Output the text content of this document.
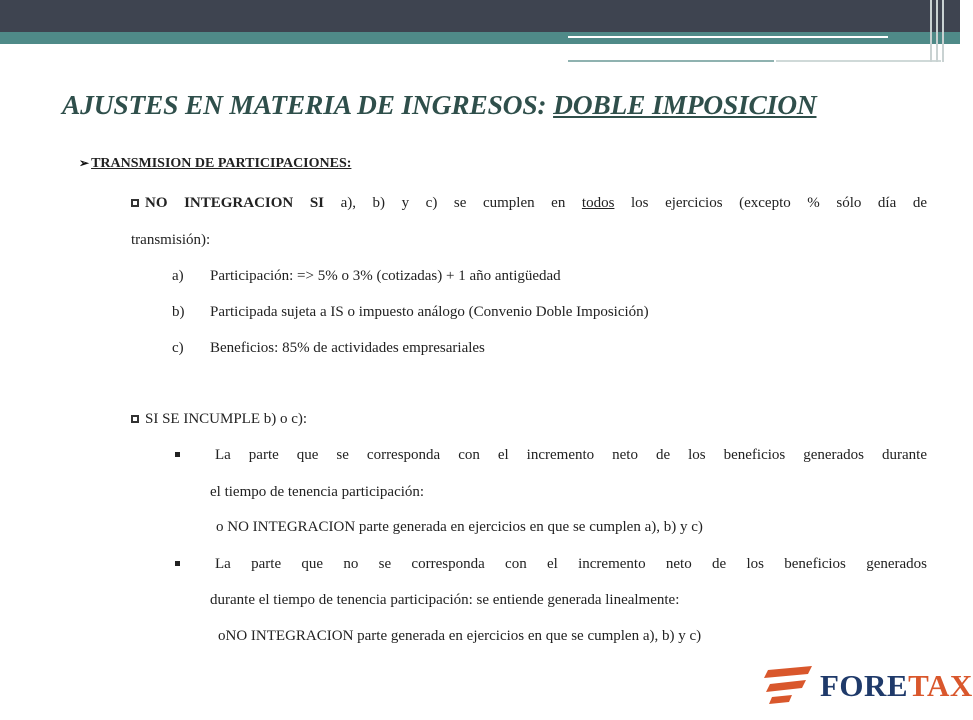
AJUSTES EN MATERIA DE INGRESOS: DOBLE IMPOSICION
➢ TRANSMISION DE PARTICIPACIONES:
NO INTEGRACION SI a), b) y c) se cumplen en todos los ejercicios (excepto % sólo día de
transmisión):
a) Participación: => 5% o 3% (cotizadas) + 1 año antigüedad
b) Participada sujeta a IS o impuesto análogo (Convenio Doble Imposición)
c) Beneficios: 85% de actividades empresariales
SI SE INCUMPLE b) o c):
La parte que se corresponda con el incremento neto de los beneficios generados durante
el tiempo de tenencia participación:
o NO INTEGRACION parte generada en ejercicios en que se cumplen a), b) y c)
La parte que no se corresponda con el incremento neto de los beneficios generados
durante el tiempo de tenencia participación: se entiende generada linealmente:
oNO INTEGRACION parte generada en ejercicios en que se cumplen a), b) y c)
FORETAX
